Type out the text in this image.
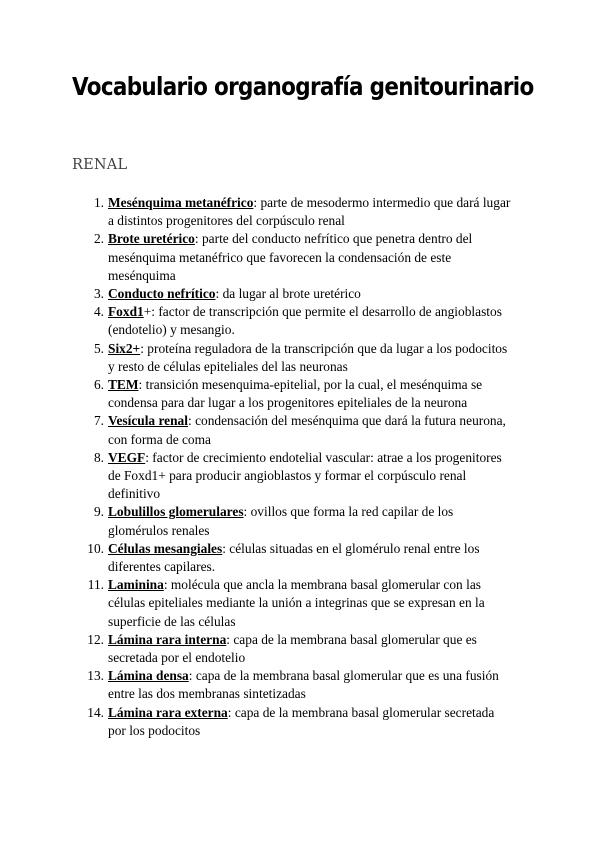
Vocabulario organografía genitourinario
RENAL
1. Mesénquima metanéfrico: parte de mesodermo intermedio que dará lugar a distintos progenitores del corpúsculo renal
2. Brote uretérico: parte del conducto nefrítico que penetra dentro del mesénquima metanéfrico que favorecen la condensación de este mesénquima
3. Conducto nefrítico: da lugar al brote uretérico
4. Foxd1+: factor de transcripción que permite el desarrollo de angioblastos (endotelio) y mesangio.
5. Six2+: proteína reguladora de la transcripción que da lugar a los podocitos y resto de células epiteliales del las neuronas
6. TEM: transición mesenquima-epitelial, por la cual, el mesénquima se condensa para dar lugar a los progenitores epiteliales de la neurona
7. Vesícula renal: condensación del mesénquima que dará la futura neurona, con forma de coma
8. VEGF: factor de crecimiento endotelial vascular: atrae a los progenitores de Foxd1+ para producir angioblastos y formar el corpúsculo renal definitivo
9. Lobulillos glomerulares: ovillos que forma la red capilar de los glomérulos renales
10. Células mesangiales: células situadas en el glomérulo renal entre los diferentes capilares.
11. Laminina: molécula que ancla la membrana basal glomerular con las células epiteliales mediante la unión a integrinas que se expresan en la superficie de las células
12. Lámina rara interna: capa de la membrana basal glomerular que es secretada por el endotelio
13. Lámina densa: capa de la membrana basal glomerular que es una fusión entre las dos membranas sintetizadas
14. Lámina rara externa: capa de la membrana basal glomerular secretada por los podocitos
